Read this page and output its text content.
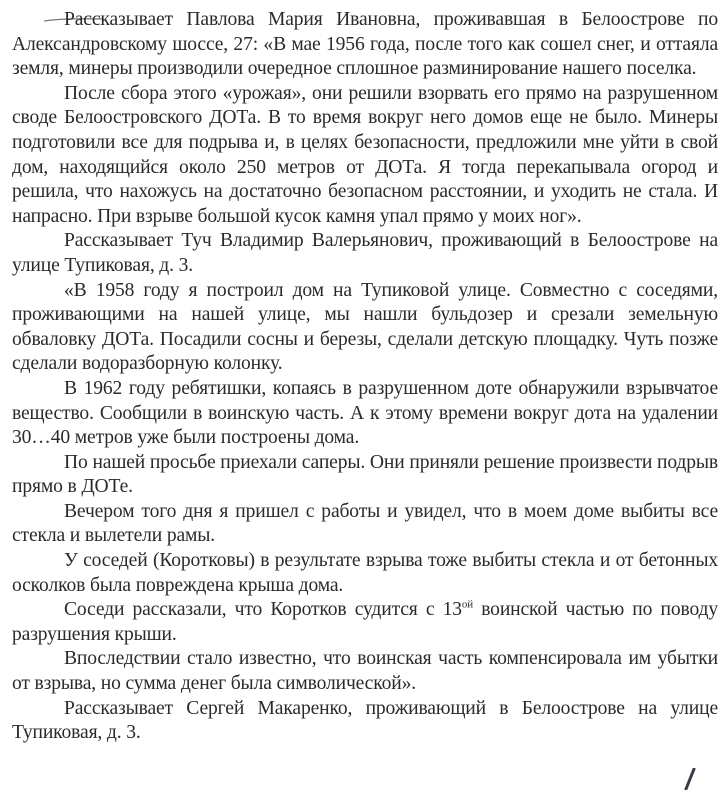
Рассказывает Павлова Мария Ивановна, проживавшая в Белоострове по Александровскому шоссе, 27: «В мае 1956 года, после того как сошел снег, и оттаяла земля, минеры производили очередное сплошное разминирование нашего поселка.

После сбора этого «урожая», они решили взорвать его прямо на разрушенном своде Белоостровского ДОТа. В то время вокруг него домов еще не было. Минеры подготовили все для подрыва и, в целях безопасности, предложили мне уйти в свой дом, находящийся около 250 метров от ДОТа. Я тогда перекапывала огород и решила, что нахожусь на достаточно безопасном расстоянии, и уходить не стала. И напрасно. При взрыве большой кусок камня упал прямо у моих ног».

Рассказывает Туч Владимир Валерьянович, проживающий в Белоострове на улице Тупиковая, д. 3.

«В 1958 году я построил дом на Тупиковой улице. Совместно с соседями, проживающими на нашей улице, мы нашли бульдозер и срезали земельную обваловку ДОТа. Посадили сосны и березы, сделали детскую площадку. Чуть позже сделали водоразборную колонку.

В 1962 году ребятишки, копаясь в разрушенном доте обнаружили взрывчатое вещество. Сообщили в воинскую часть. А к этому времени вокруг дота на удалении 30…40 метров уже были построены дома.

По нашей просьбе приехали саперы. Они приняли решение произвести подрыв прямо в ДОТе.

Вечером того дня я пришел с работы и увидел, что в моем доме выбиты все стекла и вылетели рамы.

У соседей (Коротковы) в результате взрыва тоже выбиты стекла и от бетонных осколков была повреждена крыша дома.

Соседи рассказали, что Коротков судится с $13^{ой}$ воинской частью по поводу разрушения крыши.

Впоследствии стало известно, что воинская часть компенсировала им убытки от взрыва, но сумма денег была символической».

Рассказывает Сергей Макаренко, проживающий в Белоострове на улице Тупиковая, д. 3.
